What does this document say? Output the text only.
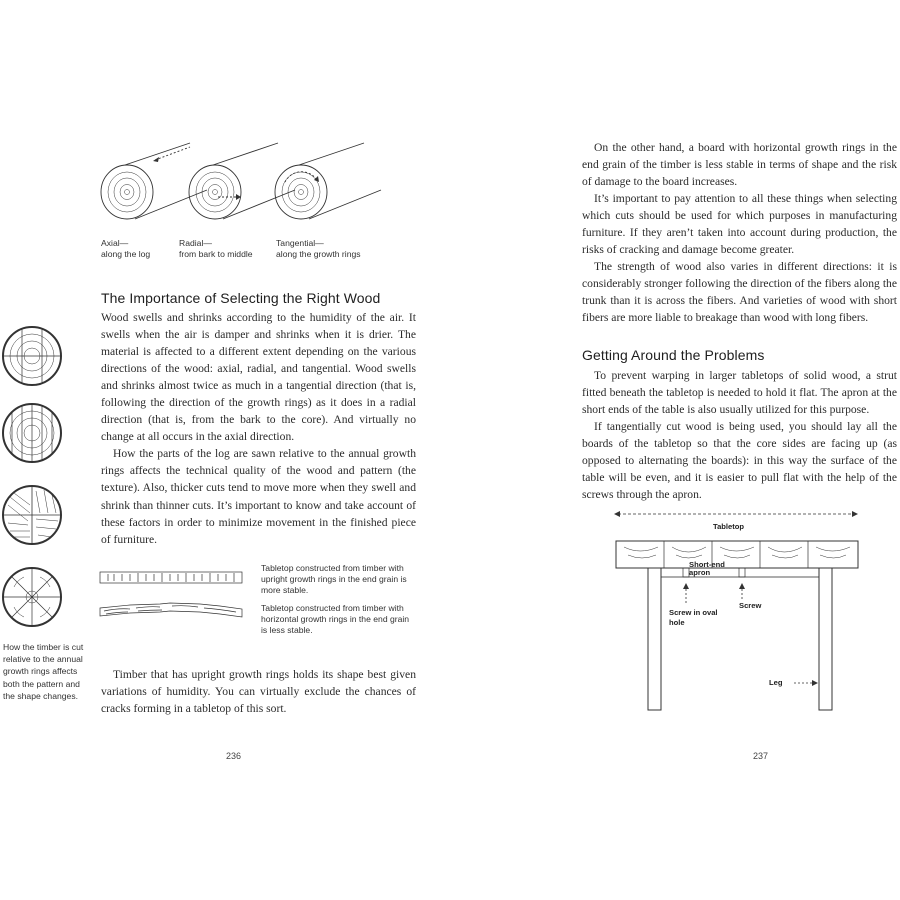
Axial—
along the log
Radial—
from bark to middle
Tangential—
along the growth rings
The Importance of Selecting the Right Wood

Wood swells and shrinks according to the humidity of the air. It swells when the air is damper and shrinks when it is drier. The material is affected to a different extent depending on the various directions of the wood: axial, radial, and tangential. Wood swells and shrinks almost twice as much in a tangential direction (that is, following the direction of the growth rings) as it does in a radial direction (that is, from the bark to the core). And virtually no change at all occurs in the axial direction.

How the parts of the log are sawn relative to the annual growth rings affects the technical quality of the wood and pattern (the texture). Also, thicker cuts tend to move more when they swell and shrink than thinner cuts. It’s important to know and take account of these factors in order to minimize movement in the finished piece of furniture.

How the timber is cut relative to the annual growth rings affects both the pattern and the shape changes.
Tabletop constructed from timber with upright growth rings in the end grain is more stable.
Tabletop constructed from timber with horizontal growth rings in the end grain is less stable.

Timber that has upright growth rings holds its shape best given variations of humidity. You can virtually exclude the chances of cracks forming in a tabletop of this sort.

236

On the other hand, a board with horizontal growth rings in the end grain of the timber is less stable in terms of shape and the risk of damage to the board increases.

It’s important to pay attention to all these things when selecting which cuts should be used for which purposes in manufacturing furniture. If they aren’t taken into account during production, the risks of cracking and damage become greater.

The strength of wood also varies in different directions: it is considerably stronger following the direction of the fibers along the trunk than it is across the fibers. And varieties of wood with short fibers are more liable to breakage than wood with long fibers.

Getting Around the Problems

To prevent warping in larger tabletops of solid wood, a strut fitted beneath the tabletop is needed to hold it flat. The apron at the short ends of the table is also usually utilized for this purpose.

If tangentially cut wood is being used, you should lay all the boards of the tabletop so that the core sides are facing up (as opposed to alternating the boards): in this way the surface of the table will be even, and it is easier to pull flat with the help of the screws through the apron.

Tabletop
Short-end apron
Screw
Screw in oval hole
Leg
237
